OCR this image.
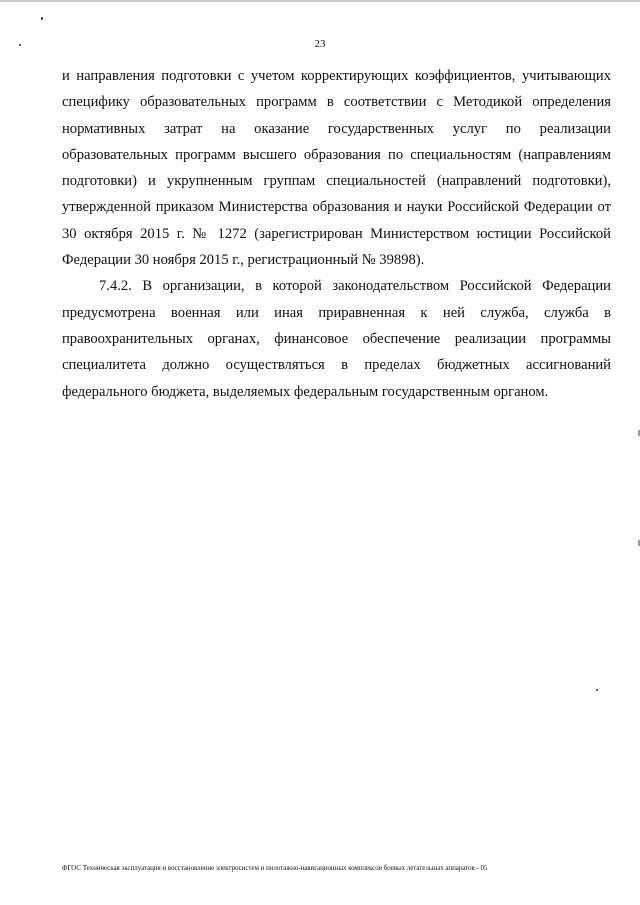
23

и направления подготовки с учетом корректирующих коэффициентов, учитывающих специфику образовательных программ в соответствии с Методикой определения нормативных затрат на оказание государственных услуг по реализации образовательных программ высшего образования по специальностям (направлениям подготовки) и укрупненным группам специальностей (направлений подготовки), утвержденной приказом Министерства образования и науки Российской Федерации от 30 октября 2015 г. № 1272 (зарегистрирован Министерством юстиции Российской Федерации 30 ноября 2015 г., регистрационный № 39898).

7.4.2. В организации, в которой законодательством Российской Федерации предусмотрена военная или иная приравненная к ней служба, служба в правоохранительных органах, финансовое обеспечение реализации программы специалитета должно осуществляться в пределах бюджетных ассигнований федерального бюджета, выделяемых федеральным государственным органом.

ФГОС Техническая эксплуатация и восстановление электросистем и пилотажно-навигационных комплексов боевых летательных аппаратов - 05
